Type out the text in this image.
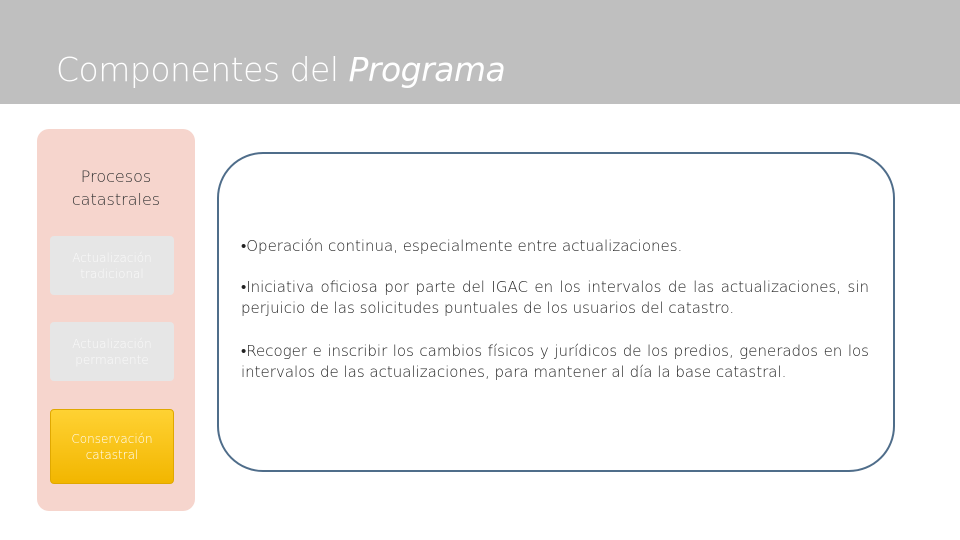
Componentes del Programa
Procesos catastrales
Actualización tradicional
Actualización permanente
Conservación catastral
•Operación continua, especialmente entre actualizaciones.
•Iniciativa oficiosa por parte del IGAC en los intervalos de las actualizaciones, sin perjuicio de las solicitudes puntuales de los usuarios del catastro.
•Recoger e inscribir los cambios físicos y jurídicos de los predios, generados en los intervalos de las actualizaciones, para mantener al día la base catastral.
